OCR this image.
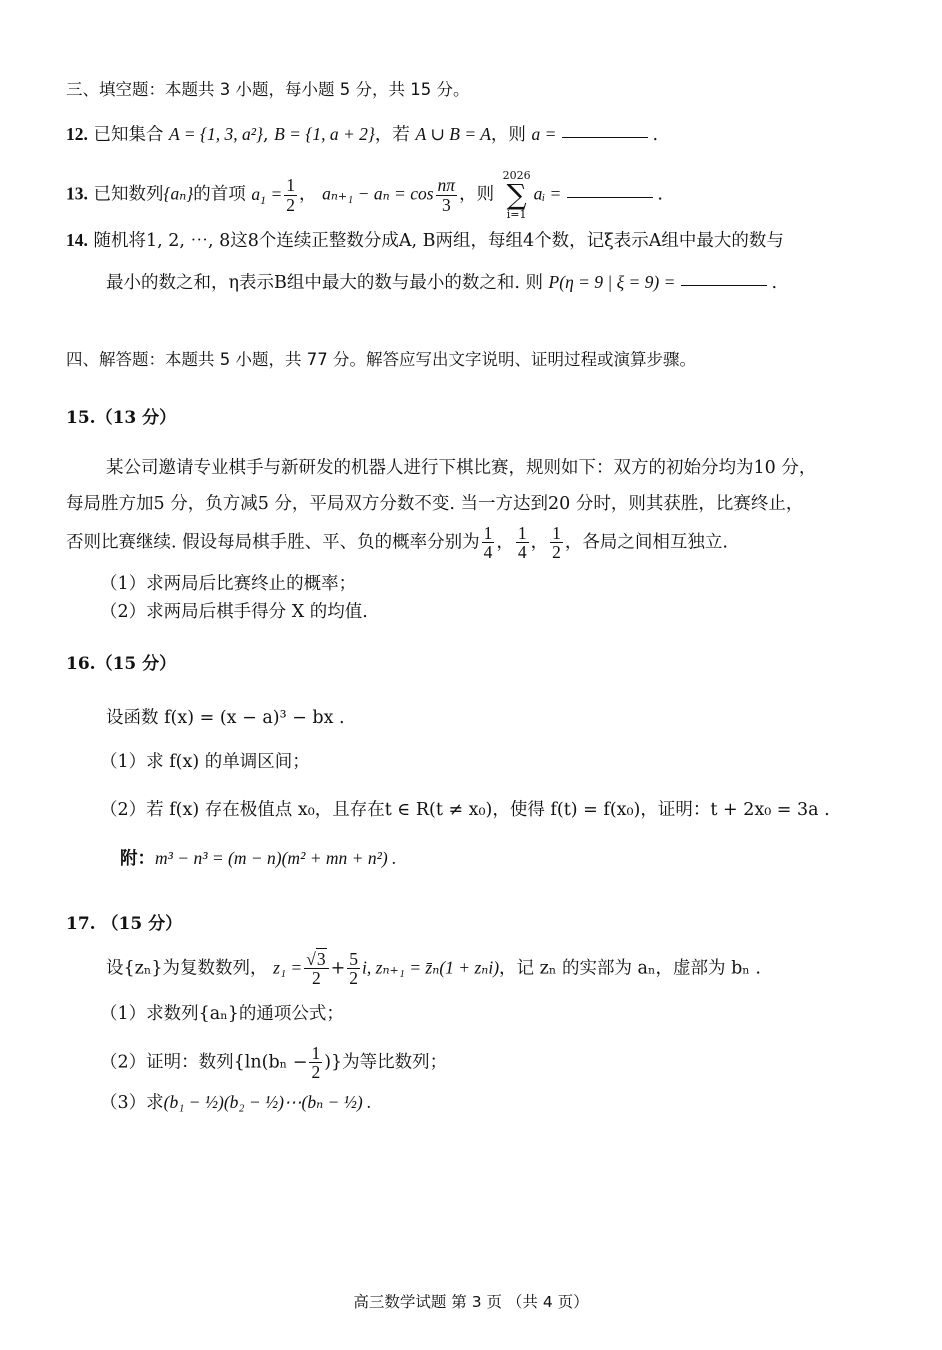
三、填空题：本题共 3 小题，每小题 5 分，共 15 分。
12. 已知集合 A = {1, 3, a²}, B = {1, a + 2}，若 A ∪ B = A，则 a =	.
13. 已知数列{aₙ}的首项 $a_1 = \frac{1}{2}$ ， $a_{n+1} - a_n = \cos \frac{n\pi}{3}$ ，则
2026
∑
i=1
aᵢ =	.
14. 随机将1, 2, ⋯, 8这8个连续正整数分成A, B两组，每组4个数，记ξ表示A组中最大的数与
最小的数之和，η表示B组中最大的数与最小的数之和. 则 P(η = 9 | ξ = 9) =	.
四、解答题：本题共 5 小题，共 77 分。解答应写出文字说明、证明过程或演算步骤。
15.（13 分）
某公司邀请专业棋手与新研发的机器人进行下棋比赛，规则如下：双方的初始分均为10 分，
每局胜方加5 分，负方减5 分，平局双方分数不变. 当一方达到20 分时，则其获胜，比赛终止，
否则比赛继续. 假设每局棋手胜、平、负的概率分别为 $\frac{1}{4}$ ， $\frac{1}{4}$ ， $\frac{1}{2}$ ，各局之间相互独立.
（1）求两局后比赛终止的概率；
（2）求两局后棋手得分 X 的均值.
16.（15 分）
设函数 f(x) = (x − a)³ − bx .
（1）求 f(x) 的单调区间；
（2）若 f(x) 存在极值点 x₀，且存在t ∈ R(t ≠ x₀)，使得 f(t) = f(x₀)，证明：t + 2x₀ = 3a .
附：m³ − n³ = (m − n)(m² + mn + n²) .
17. （15 分）
设{zₙ}为复数数列， $z_1 = \frac{√3}{2} + \frac{5}{2} i$, zₙ₊₁ = z̄ₙ(1 + zₙi)，记 zₙ 的实部为 aₙ，虚部为 bₙ .
（1）求数列{aₙ}的通项公式；
（2）证明：数列{$\ln(b_n - \frac{1}{2}$ )}为等比数列；
（3）求(b₁ − ½)(b₂ − ½)⋯(bₙ − ½) .
高三数学试题 第 3 页 （共 4 页）
